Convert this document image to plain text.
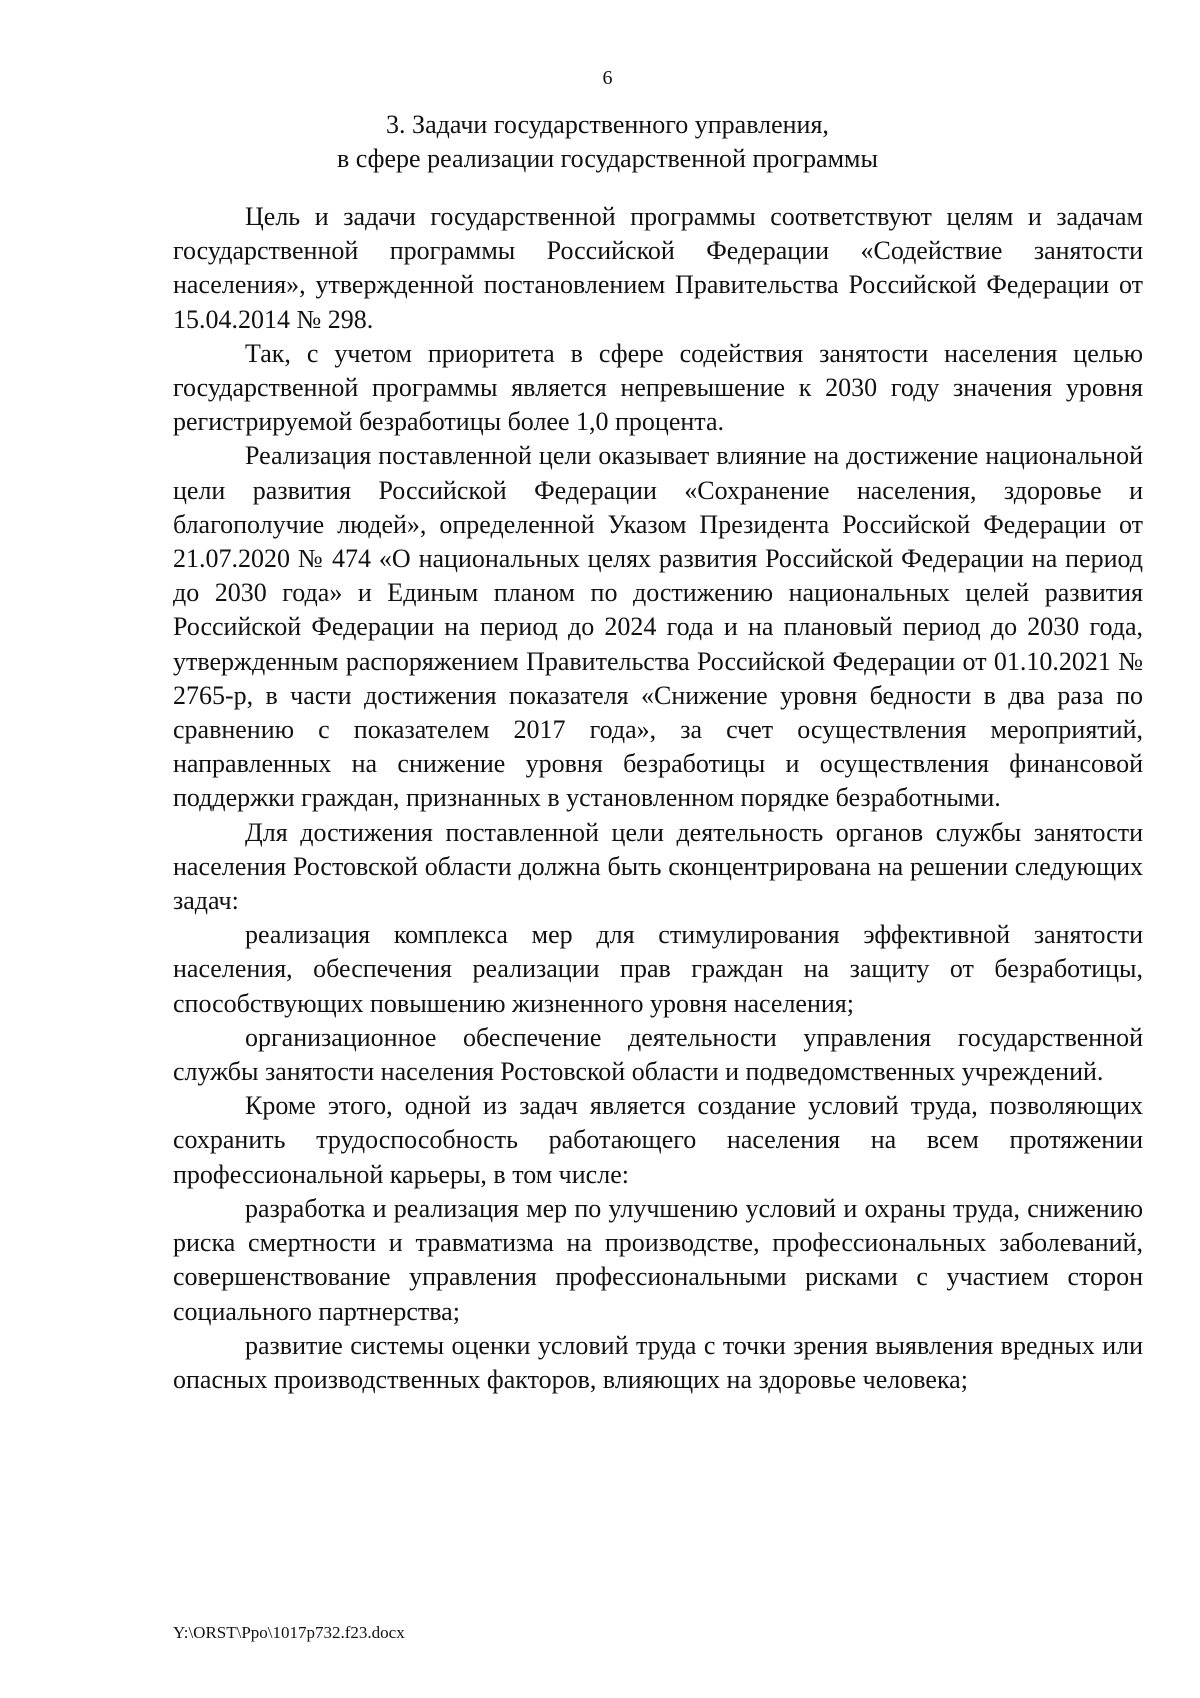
6
3. Задачи государственного управления,
в сфере реализации государственной программы

Цель и задачи государственной программы соответствуют целям и задачам государственной программы Российской Федерации «Содействие занятости населения», утвержденной постановлением Правительства Российской Федерации от 15.04.2014 № 298.

Так, с учетом приоритета в сфере содействия занятости населения целью государственной программы является непревышение к 2030 году значения уровня регистрируемой безработицы более 1,0 процента.

Реализация поставленной цели оказывает влияние на достижение национальной цели развития Российской Федерации «Сохранение населения, здоровье и благополучие людей», определенной Указом Президента Российской Федерации от 21.07.2020 № 474 «О национальных целях развития Российской Федерации на период до 2030 года» и Единым планом по достижению национальных целей развития Российской Федерации на период до 2024 года и на плановый период до 2030 года, утвержденным распоряжением Правительства Российской Федерации от 01.10.2021 № 2765-р, в части достижения показателя «Снижение уровня бедности в два раза по сравнению с показателем 2017 года», за счет осуществления мероприятий, направленных на снижение уровня безработицы и осуществления финансовой поддержки граждан, признанных в установленном порядке безработными.

Для достижения поставленной цели деятельность органов службы занятости населения Ростовской области должна быть сконцентрирована на решении следующих задач:

реализация комплекса мер для стимулирования эффективной занятости населения, обеспечения реализации прав граждан на защиту от безработицы, способствующих повышению жизненного уровня населения;

организационное обеспечение деятельности управления государственной службы занятости населения Ростовской области и подведомственных учреждений.

Кроме этого, одной из задач является создание условий труда, позволяющих сохранить трудоспособность работающего населения на всем протяжении профессиональной карьеры, в том числе:

разработка и реализация мер по улучшению условий и охраны труда, снижению риска смертности и травматизма на производстве, профессиональных заболеваний, совершенствование управления профессиональными рисками с участием сторон социального партнерства;

развитие системы оценки условий труда с точки зрения выявления вредных или опасных производственных факторов, влияющих на здоровье человека;

Y:\ORST\Ppo\1017p732.f23.docx
